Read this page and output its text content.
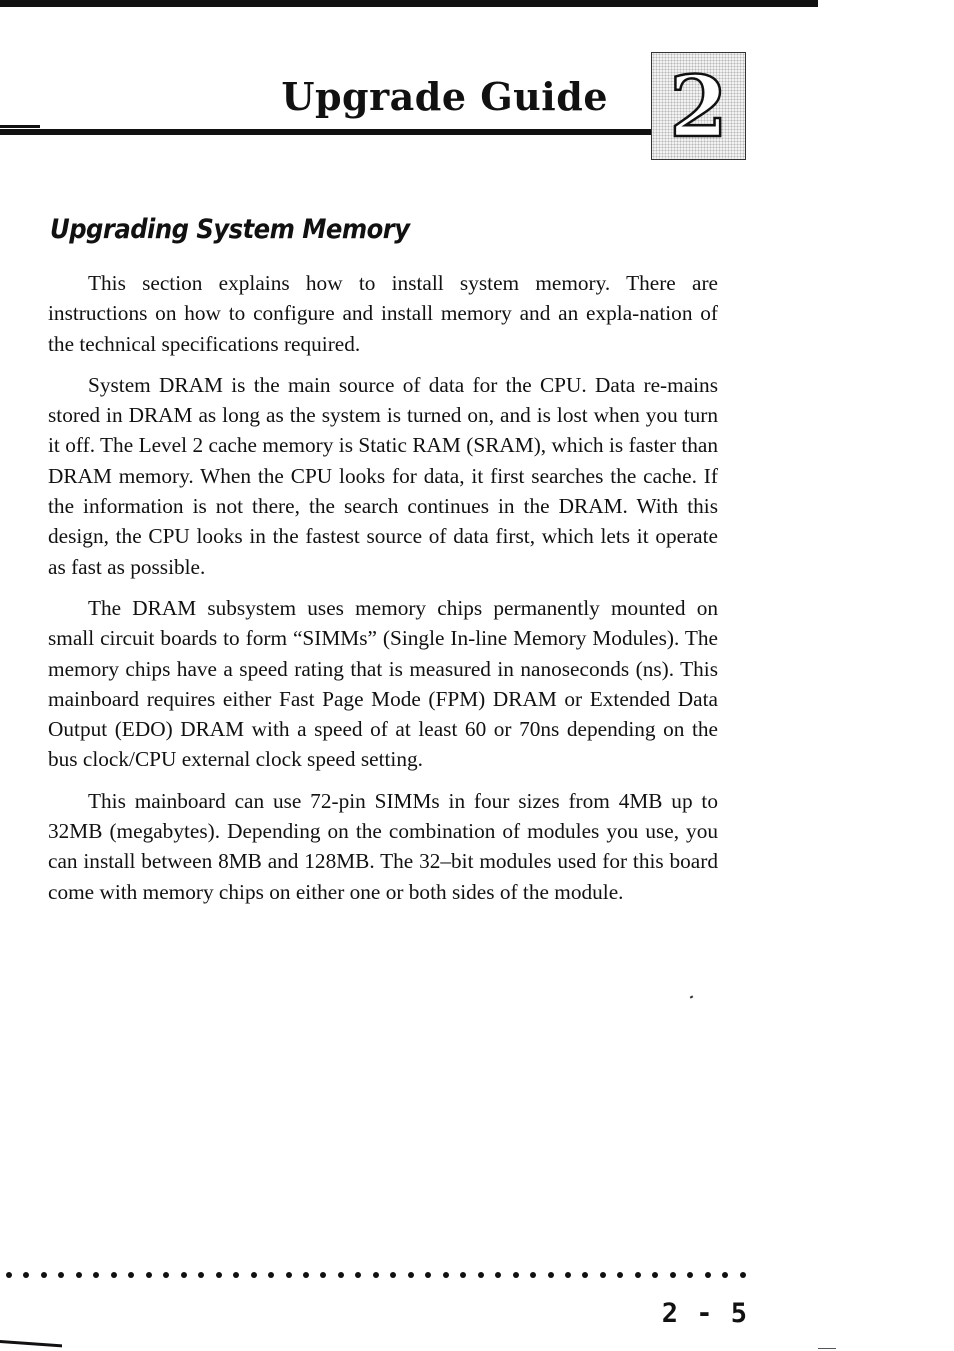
Upgrade Guide 2
Upgrading System Memory

This section explains how to install system memory. There are instructions on how to configure and install memory and an expla-nation of the technical specifications required.

System DRAM is the main source of data for the CPU. Data re-mains stored in DRAM as long as the system is turned on, and is lost when you turn it off. The Level 2 cache memory is Static RAM (SRAM), which is faster than DRAM memory. When the CPU looks for data, it first searches the cache. If the information is not there, the search continues in the DRAM. With this design, the CPU looks in the fastest source of data first, which lets it operate as fast as possible.

The DRAM subsystem uses memory chips permanently mounted on small circuit boards to form “SIMMs” (Single In-line Memory Modules). The memory chips have a speed rating that is measured in nanoseconds (ns). This mainboard requires either Fast Page Mode (FPM) DRAM or Extended Data Output (EDO) DRAM with a speed of at least 60 or 70ns depending on the bus clock/CPU external clock speed setting.

This mainboard can use 72-pin SIMMs in four sizes from 4MB up to 32MB (megabytes). Depending on the combination of modules you use, you can install between 8MB and 128MB. The 32–bit modules used for this board come with memory chips on either one or both sides of the module.

2 - 5
